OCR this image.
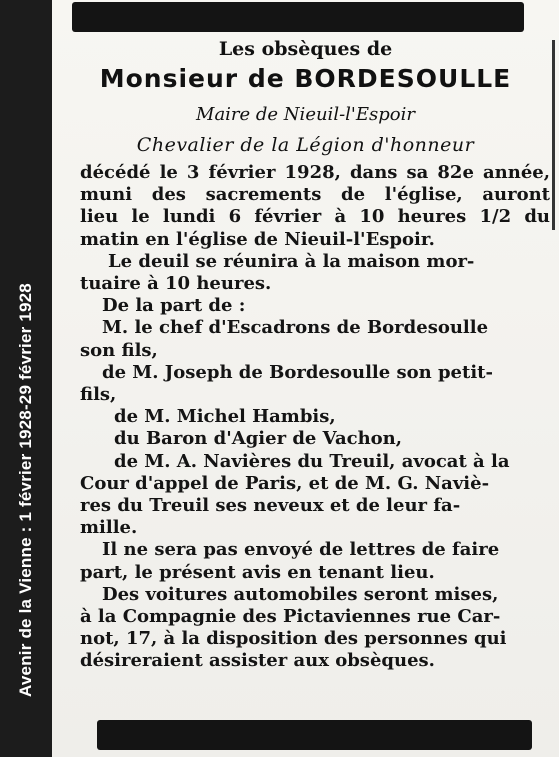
Avenir de la Vienne : 1 février 1928-29 février 1928
Les obsèques de
Monsieur de BORDESOULLE
Maire de Nieuil-l'Espoir
Chevalier de la Légion d'honneur
décédé le 3 février 1928, dans sa 82e année,
muni des sacrements de l'église, auront
lieu le lundi 6 février à 10 heures 1/2 du
matin en l'église de Nieuil-l'Espoir.
Le deuil se réunira à la maison mor-
tuaire à 10 heures.
De la part de :
M. le chef d'Escadrons de Bordesoulle
son fils,
de M. Joseph de Bordesoulle son petit-
fils,
de M. Michel Hambis,
du Baron d'Agier de Vachon,
de M. A. Navières du Treuil, avocat à la
Cour d'appel de Paris, et de M. G. Naviè-
res du Treuil ses neveux et de leur fa-
mille.
Il ne sera pas envoyé de lettres de faire
part, le présent avis en tenant lieu.
Des voitures automobiles seront mises,
à la Compagnie des Pictaviennes rue Car-
not, 17, à la disposition des personnes qui
désireraient assister aux obsèques.
